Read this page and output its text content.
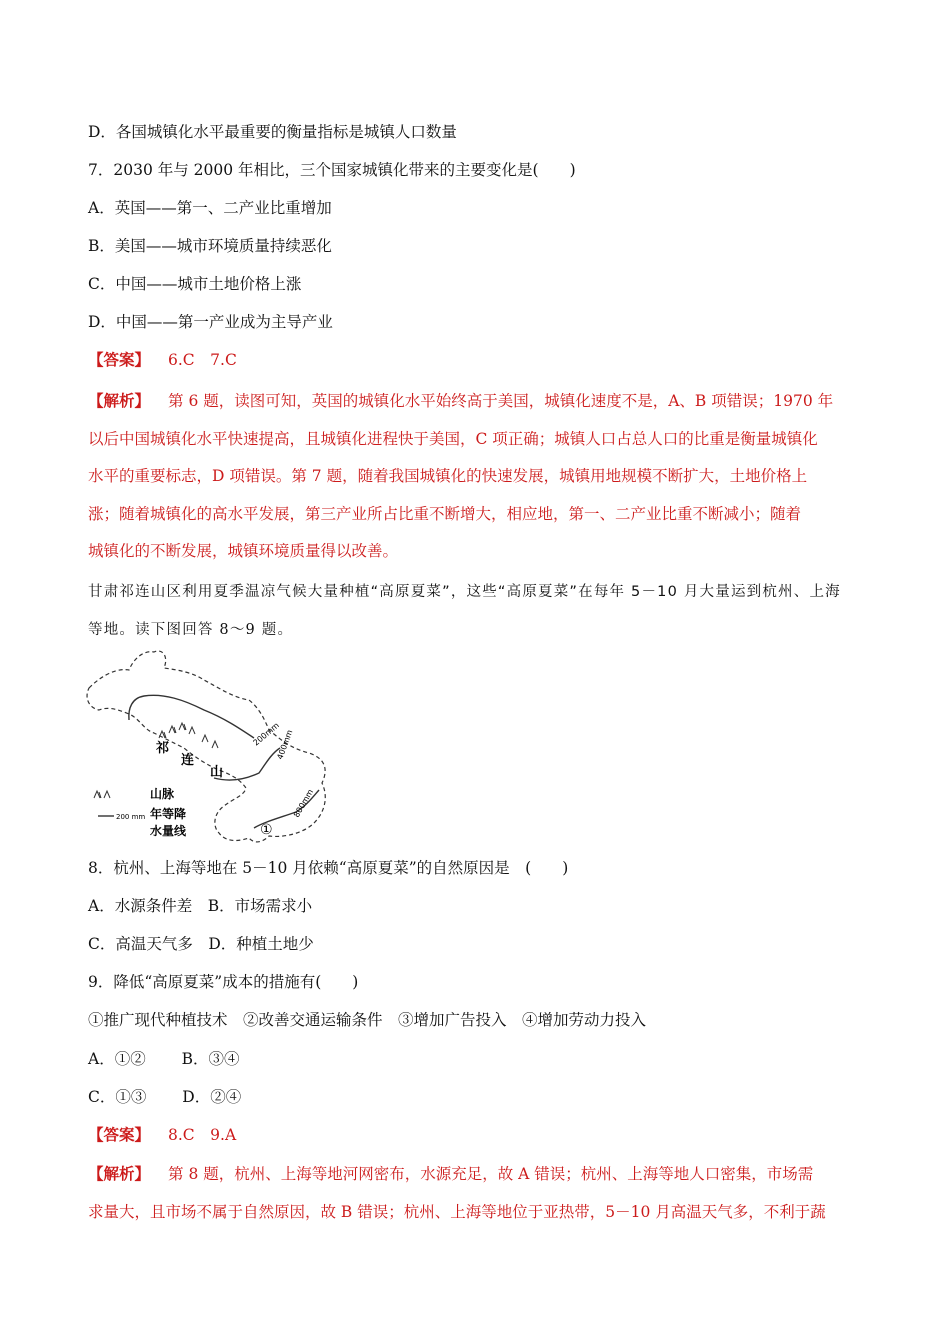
D．各国城镇化水平最重要的衡量指标是城镇人口数量
7．2030 年与 2000 年相比，三个国家城镇化带来的主要变化是(　　)
A．英国——第一、二产业比重增加
B．美国——城市环境质量持续恶化
C．中国——城市土地价格上涨
D．中国——第一产业成为主导产业
【答案】 6.C　7.C
【解析】 第 6 题，读图可知，英国的城镇化水平始终高于美国，城镇化速度不是，A、B 项错误；1970 年
以后中国城镇化水平快速提高，且城镇化进程快于美国，C 项正确；城镇人口占总人口的比重是衡量城镇化
水平的重要标志，D 项错误。第 7 题，随着我国城镇化的快速发展，城镇用地规模不断扩大，土地价格上
涨；随着城镇化的高水平发展，第三产业所占比重不断增大，相应地，第一、二产业比重不断减小；随着
城镇化的不断发展，城镇环境质量得以改善。
甘肃祁连山区利用夏季温凉气候大量种植“高原夏菜”，这些“高原夏菜”在每年 5－10 月大量运到杭州、上海
等地。读下图回答 8～9 题。
祁
连
山
200mm
400mm
800mm
①
山脉
200 mm 年等降
水量线
8．杭州、上海等地在 5－10 月依赖“高原夏菜”的自然原因是　(　　)
A．水源条件差　B．市场需求小
C．高温天气多　D．种植土地少
9．降低“高原夏菜”成本的措施有(　　)
①推广现代种植技术　②改善交通运输条件　③增加广告投入　④增加劳动力投入
A．①②　　 B．③④
C．①③　　 D．②④
【答案】 8.C　9.A
【解析】 第 8 题，杭州、上海等地河网密布，水源充足，故 A 错误；杭州、上海等地人口密集，市场需
求量大，且市场不属于自然原因，故 B 错误；杭州、上海等地位于亚热带，5－10 月高温天气多，不利于蔬
